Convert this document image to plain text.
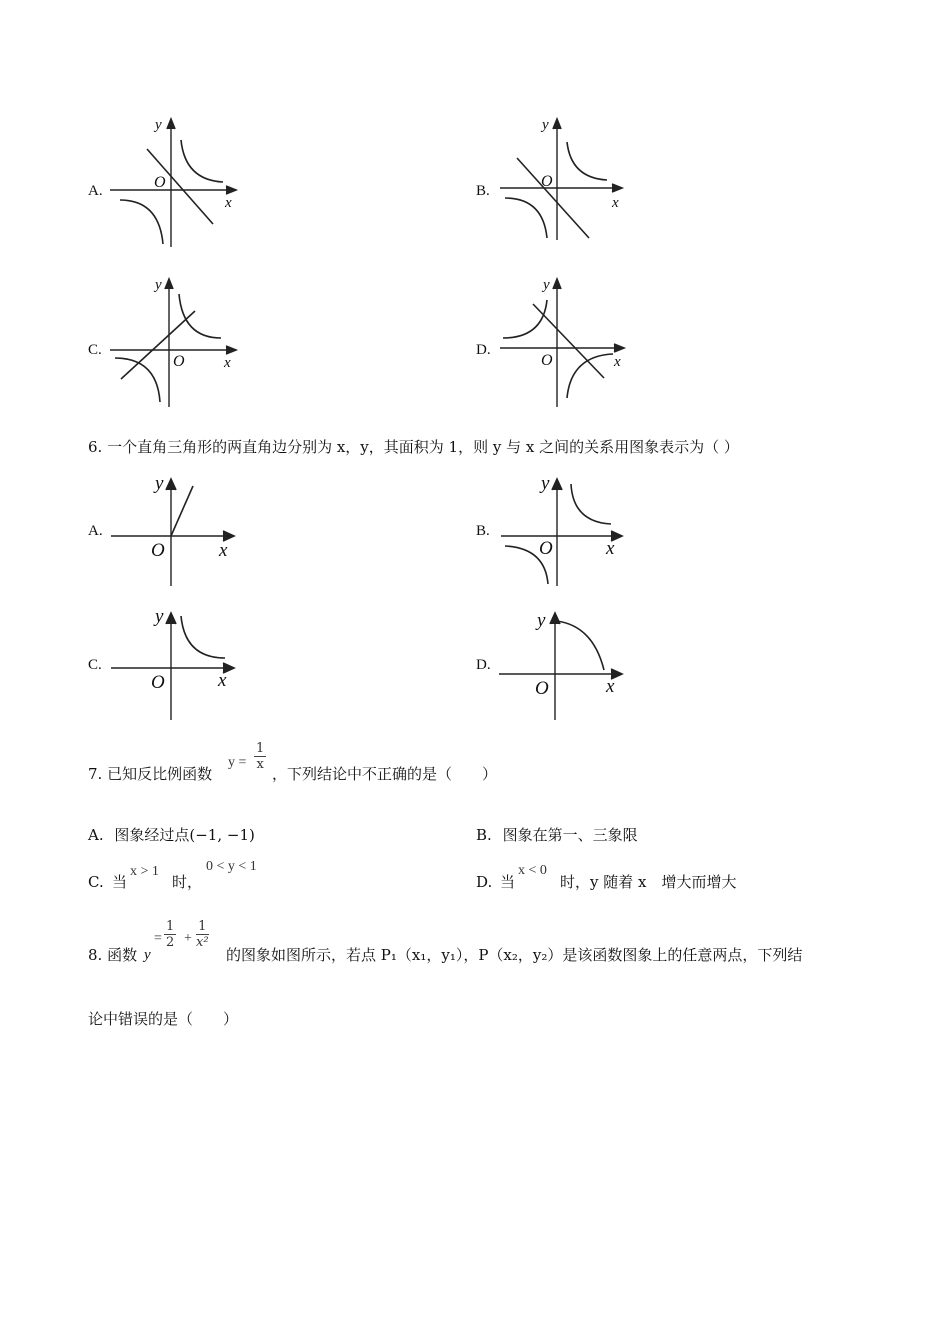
A.	O
x
y
B.
O
x
y
C.
O	x
y
D.
O	x
y
6. 一个直角三角形的两直角边分别为 x，y，其面积为 1，则 y 与 x 之间的关系用图象表示为（ ）
A.
O	x
y
B.
O	x
y
C.
O	x
y
D.
O	x
y
7. 已知反比例函数
$y = \frac{1}{x}$
，下列结论中不正确的是（　　）
A. 图象经过点(−1, −1)	B. 图象在第一、三象限
C. 当
x > 1
时，
0 < y < 1
D. 当
x < 0
时，y 随着 x　增大而增大
8. 函数 y
= $\frac{1}{2} + \frac{1}{\text{x²}}$
的图象如图所示，若点 P₁（x₁，y₁），P（x₂，y₂）是该函数图象上的任意两点，下列结
论中错误的是（　　）
